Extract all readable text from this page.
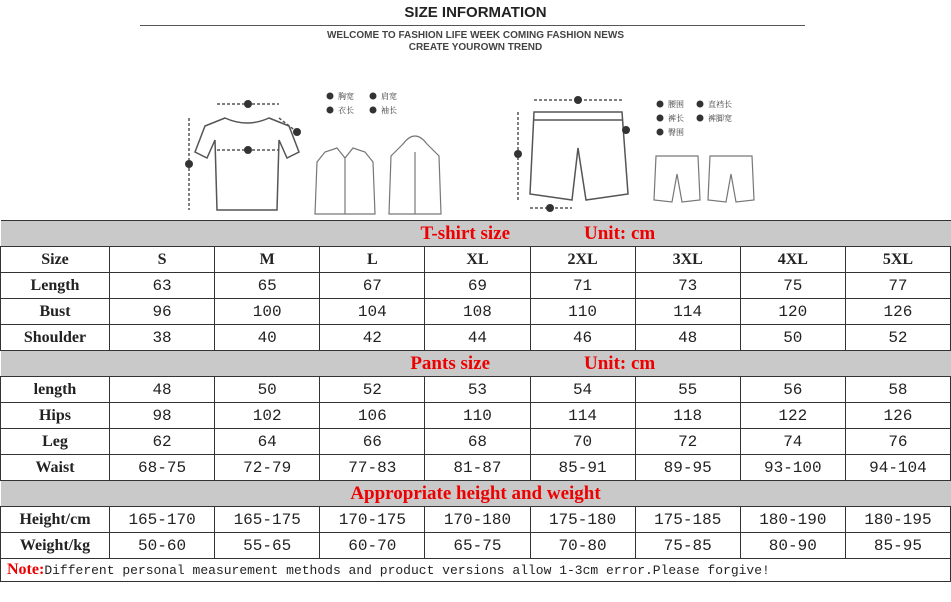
SIZE INFORMATION
WELCOME TO FASHION LIFE WEEK COMING FASHION NEWS
CREATE YOUROWN TREND
胸宽
衣长
肩宽
袖长
腰围
裤长
臀围
直裆长
裤脚宽
T-shirt size					Unit: cm			
Size	S	M	L	XL	2XL	3XL	4XL	5XL
Length	63	65	67	69	71	73	75	77
Bust	96	100	104	108	110	114	120	126
Shoulder	38	40	42	44	46	48	50	52
Pants size					Unit: cm			
length	48	50	52	53	54	55	56	58
Hips	98	102	106	110	114	118	122	126
Leg	62	64	66	68	70	72	74	76
Waist	68-75	72-79	77-83	81-87	85-91	89-95	93-100	94-104
Appropriate height and weight								
Height/cm	165-170	165-175	170-175	170-180	175-180	175-185	180-190	180-195
Weight/kg	50-60	55-65	60-70	65-75	70-80	75-85	80-90	85-95
Note:Different personal measurement methods and product versions allow 1-3cm error.Please forgive!								
